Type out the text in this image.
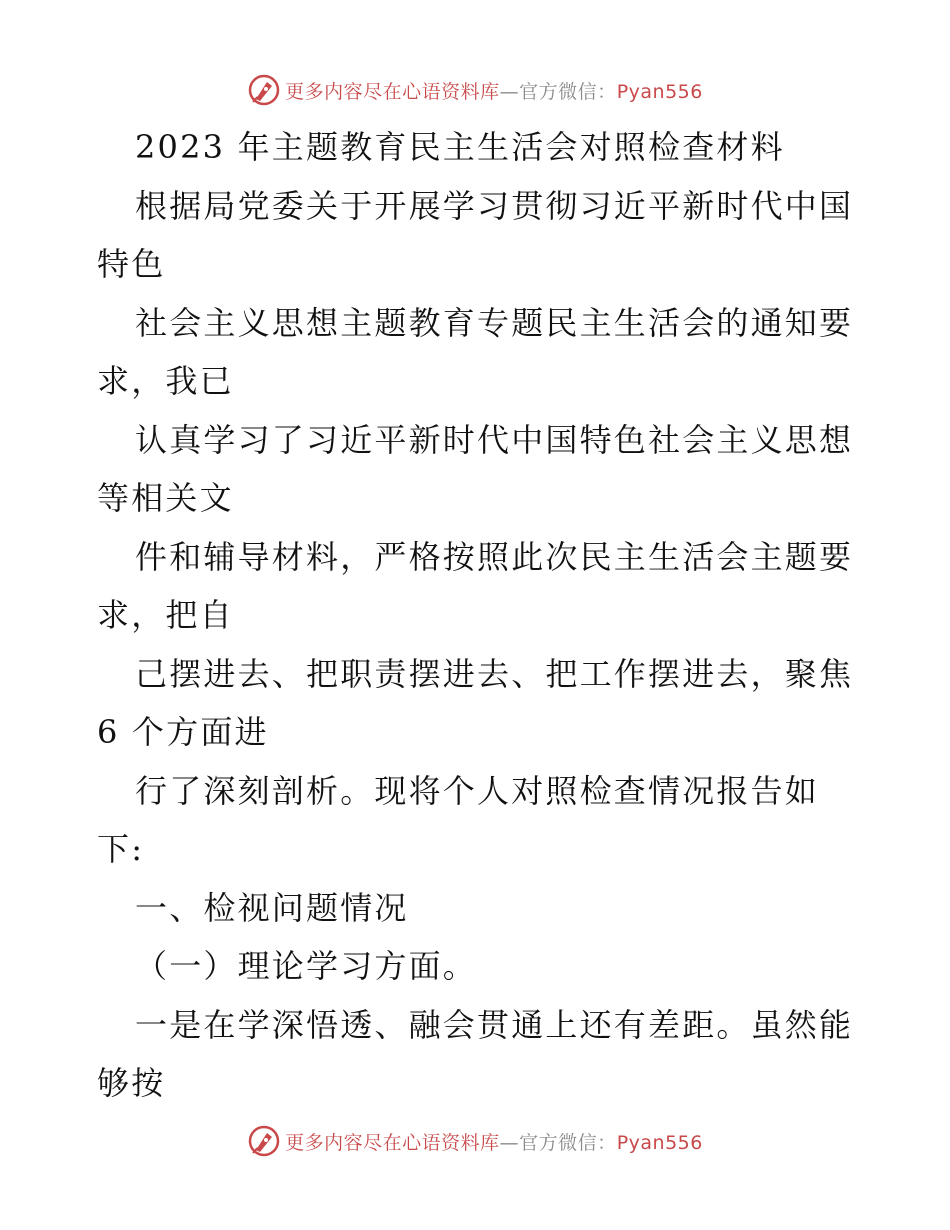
更多内容尽在心语资料库—官方微信：Pyan556
2023 年主题教育民主生活会对照检查材料
根据局党委关于开展学习贯彻习近平新时代中国
特色
社会主义思想主题教育专题民主生活会的通知要
求，我已
认真学习了习近平新时代中国特色社会主义思想
等相关文
件和辅导材料，严格按照此次民主生活会主题要
求，把自
己摆进去、把职责摆进去、把工作摆进去，聚焦
6 个方面进
行了深刻剖析。现将个人对照检查情况报告如
下:
一、检视问题情况
（一）理论学习方面。
一是在学深悟透、融会贯通上还有差距。虽然能
够按
更多内容尽在心语资料库—官方微信：Pyan556
